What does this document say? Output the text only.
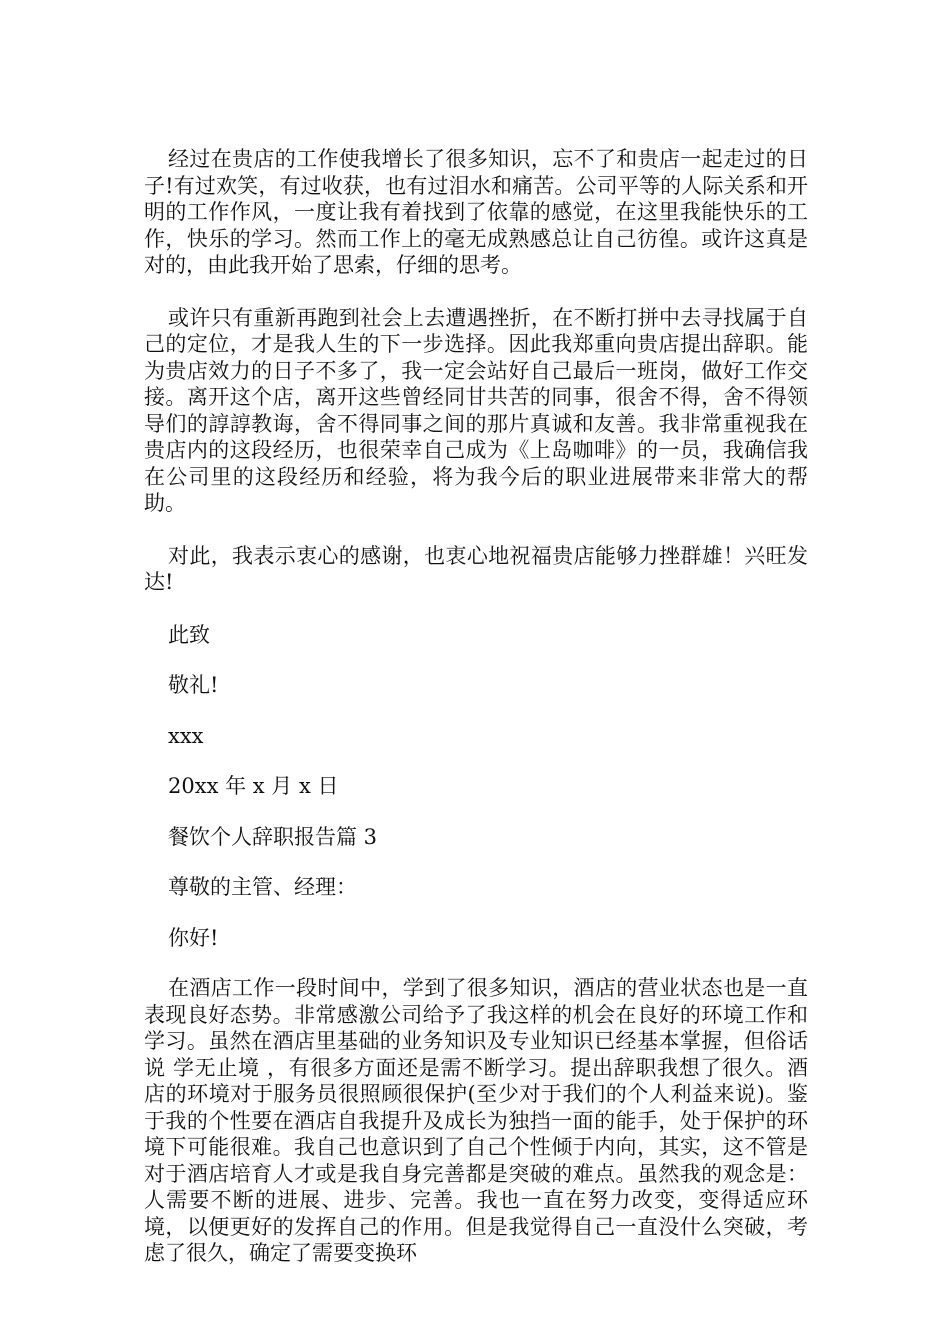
经过在贵店的工作使我增长了很多知识，忘不了和贵店一起走过的日子!有过欢笑，有过收获，也有过泪水和痛苦。公司平等的人际关系和开明的工作作风，一度让我有着找到了依靠的感觉，在这里我能快乐的工作，快乐的学习。然而工作上的毫无成熟感总让自己彷徨。或许这真是对的，由此我开始了思索，仔细的思考。

或许只有重新再跑到社会上去遭遇挫折，在不断打拼中去寻找属于自己的定位，才是我人生的下一步选择。因此我郑重向贵店提出辞职。能为贵店效力的日子不多了，我一定会站好自己最后一班岗，做好工作交接。离开这个店，离开这些曾经同甘共苦的同事，很舍不得，舍不得领导们的諄諄教诲，舍不得同事之间的那片真诚和友善。我非常重视我在贵店内的这段经历，也很荣幸自己成为《上岛咖啡》的一员，我确信我在公司里的这段经历和经验，将为我今后的职业进展带来非常大的帮助。

对此，我表示衷心的感谢，也衷心地祝福贵店能够力挫群雄！兴旺发达!

此致

敬礼!

xxx

20xx 年 x 月 x 日

餐饮个人辞职报告篇 3

尊敬的主管、经理：

你好!

在酒店工作一段时间中，学到了很多知识，酒店的营业状态也是一直表现良好态势。非常感激公司给予了我这样的机会在良好的环境工作和学习。虽然在酒店里基础的业务知识及专业知识已经基本掌握，但俗话说 学无止境 ，有很多方面还是需不断学习。提出辞职我想了很久。酒店的环境对于服务员很照顾很保护(至少对于我们的个人利益来说)。鉴于我的个性要在酒店自我提升及成长为独挡一面的能手，处于保护的环境下可能很难。我自己也意识到了自己个性倾于内向，其实，这不管是对于酒店培育人才或是我自身完善都是突破的难点。虽然我的观念是：人需要不断的进展、进步、完善。我也一直在努力改变，变得适应环境，以便更好的发挥自己的作用。但是我觉得自己一直没什么突破，考虑了很久，确定了需要变换环
